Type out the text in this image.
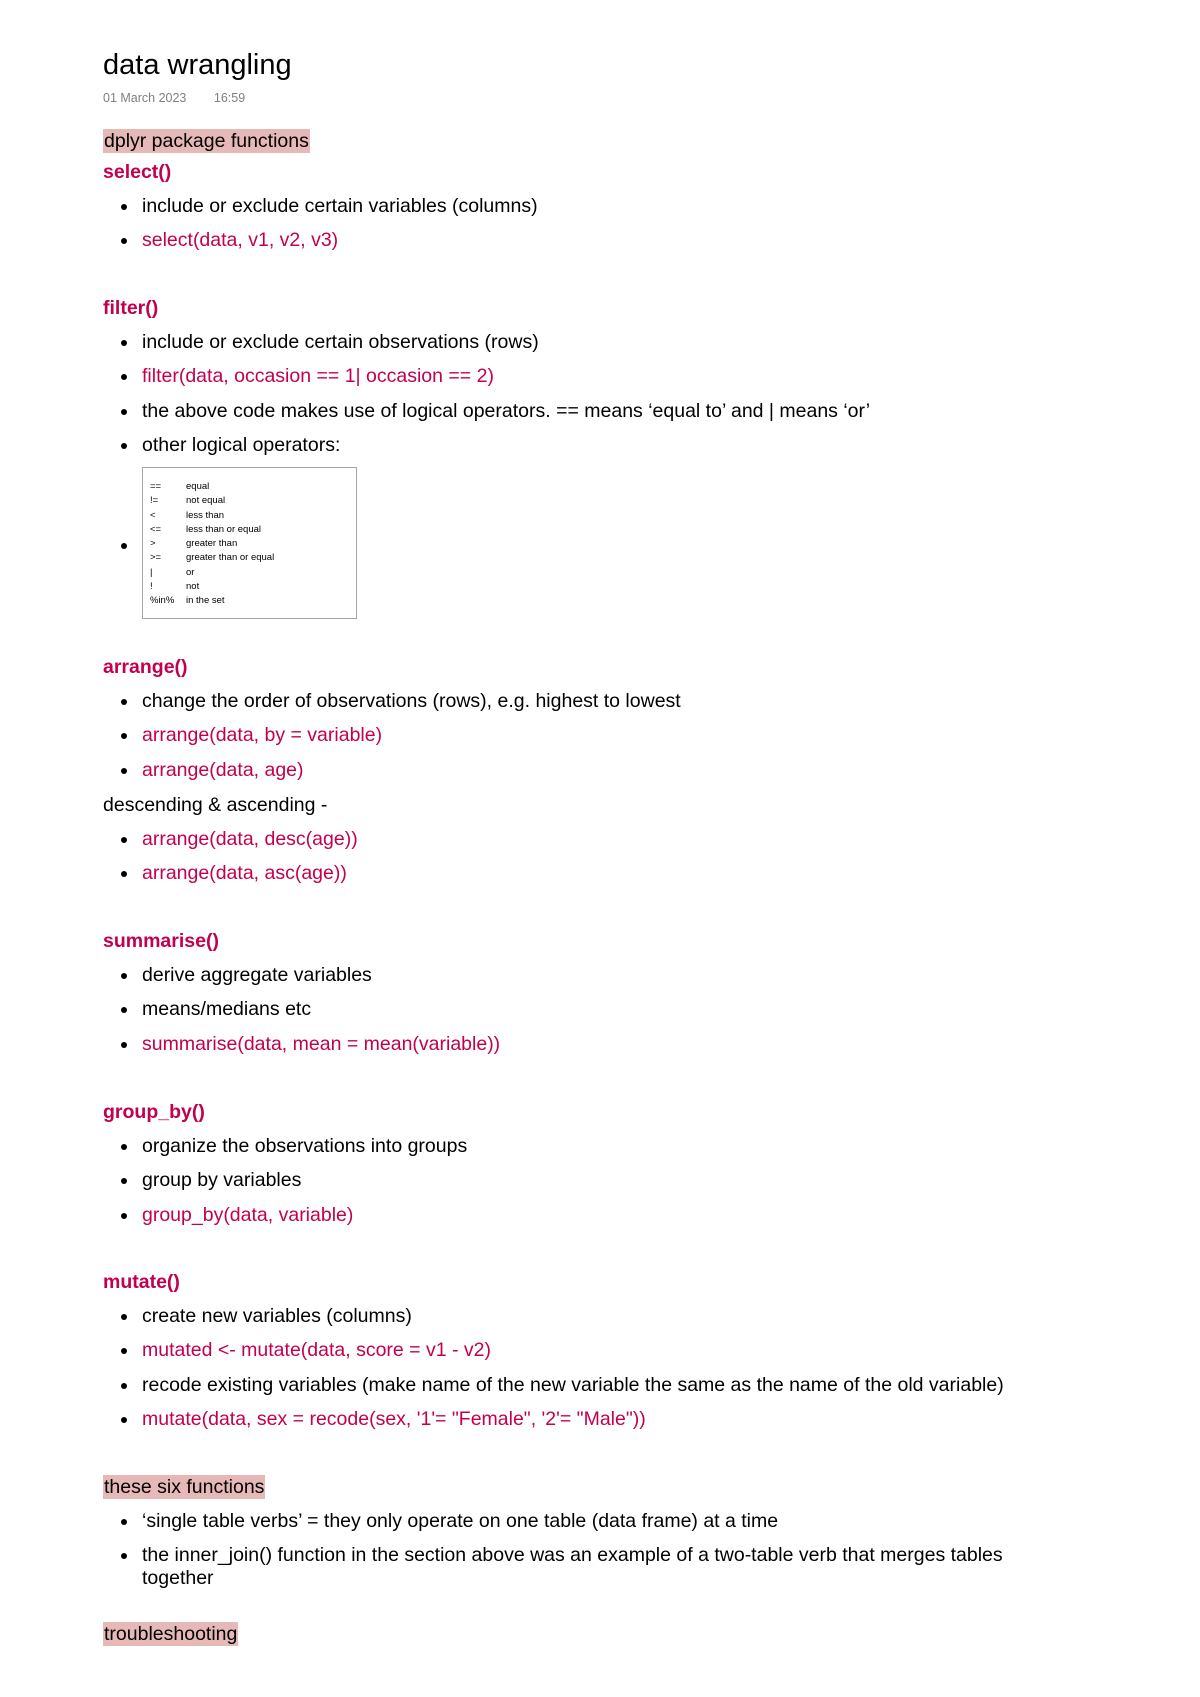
data wrangling
01 March 2023 16:59

dplyr package functions

select()

include or exclude certain variables (columns)
select(data, v1, v2, v3)

filter()

include or exclude certain observations (rows)
filter(data, occasion == 1| occasion == 2)
the above code makes use of logical operators. == means ‘equal to’ and | means ‘or’
other logical operators:
==	equal
!=	not equal
<	less than
<=	less than or equal
>	greater than
>=	greater than or equal
|	or
!	not
%in% in the set

arrange()

change the order of observations (rows), e.g. highest to lowest
arrange(data, by = variable)
arrange(data, age)

descending & ascending -

arrange(data, desc(age))
arrange(data, asc(age))

summarise()

derive aggregate variables
means/medians etc
summarise(data, mean = mean(variable))

group_by()

organize the observations into groups
group by variables
group_by(data, variable)

mutate()

create new variables (columns)
mutated <- mutate(data, score = v1 - v2)
recode existing variables (make name of the new variable the same as the name of the old variable)
mutate(data, sex = recode(sex, '1'= "Female", '2'= "Male"))

these six functions

‘single table verbs’ = they only operate on one table (data frame) at a time
the inner_join() function in the section above was an example of a two-table verb that merges tables together

troubleshooting
